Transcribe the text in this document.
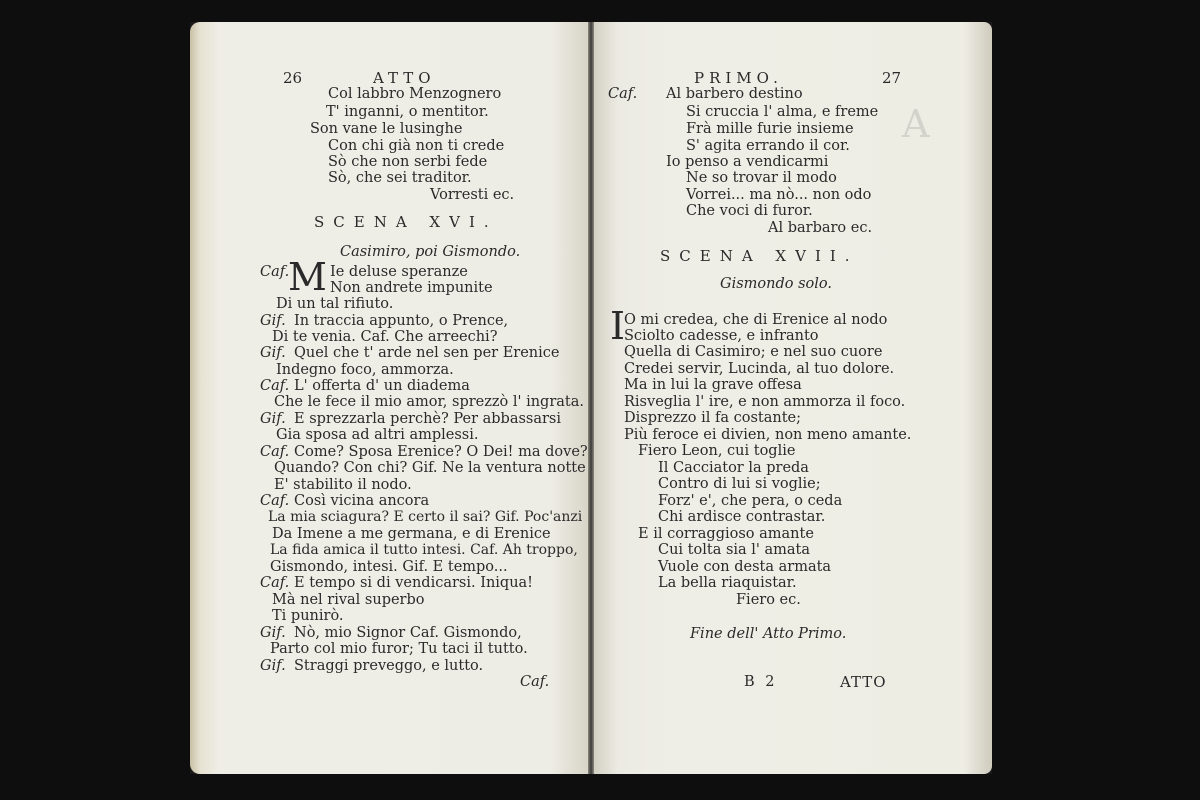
26	ATTO
Col labbro Menzognero
T' inganni, o mentitor.
Son vane le lusinghe
Con chi già non ti crede
Sò che non serbi fede
Sò, che sei traditor.
Vorresti ec.
SCENA XVI.
Casimiro, poi Gismondo.
Caf.
M Ie deluse speranze
Non andrete impunite
Di un tal rifiuto.
Gif. In traccia appunto, o Prence,
Di te venia. Caf. Che arreechi?
Gif. Quel che t' arde nel sen per Erenice
Indegno foco, ammorza.
Caf. L' offerta d' un diadema
Che le fece il mio amor, sprezzò l' ingrata.
Gif. E sprezzarla perchè? Per abbassarsi
Gia sposa ad altri amplessi.
Caf. Come? Sposa Erenice? O Dei! ma dove?
Quando? Con chi? Gif. Ne la ventura notte
E' stabilito il nodo.
Caf. Così vicina ancora
La mia sciagura? E certo il sai? Gif. Poc'anzi
Da Imene a me germana, e di Erenice
La fida amica il tutto intesi. Caf. Ah troppo,
Gismondo, intesi. Gif. E tempo...
Caf. E tempo si di vendicarsi. Iniqua!
Mà nel rival superbo
Ti punirò.
Gif. Nò, mio Signor Caf. Gismondo,
Parto col mio furor; Tu taci il tutto.
Gif. Straggi preveggo, e lutto.
Caf.
A
PRIMO.	27
Caf. Al barbero destino
Si cruccia l' alma, e freme
Frà mille furie insieme
S' agita errando il cor.
Io penso a vendicarmi
Ne so trovar il modo
Vorrei... ma nò... non odo
Che voci di furor.
Al barbaro ec.
SCENA XVII.
Gismondo solo.
I
O mi credea, che di Erenice al nodo
Sciolto cadesse, e infranto
Quella di Casimiro; e nel suo cuore
Credei servir, Lucinda, al tuo dolore.
Ma in lui la grave offesa
Risveglia l' ire, e non ammorza il foco.
Disprezzo il fa costante;
Più feroce ei divien, non meno amante.
Fiero Leon, cui toglie
Il Cacciator la preda
Contro di lui si voglie;
Forz' e', che pera, o ceda
Chi ardisce contrastar.
E il corraggioso amante
Cui tolta sia l' amata
Vuole con desta armata
La bella riaquistar.
Fiero ec.
Fine dell' Atto Primo.
B 2	ATTO
